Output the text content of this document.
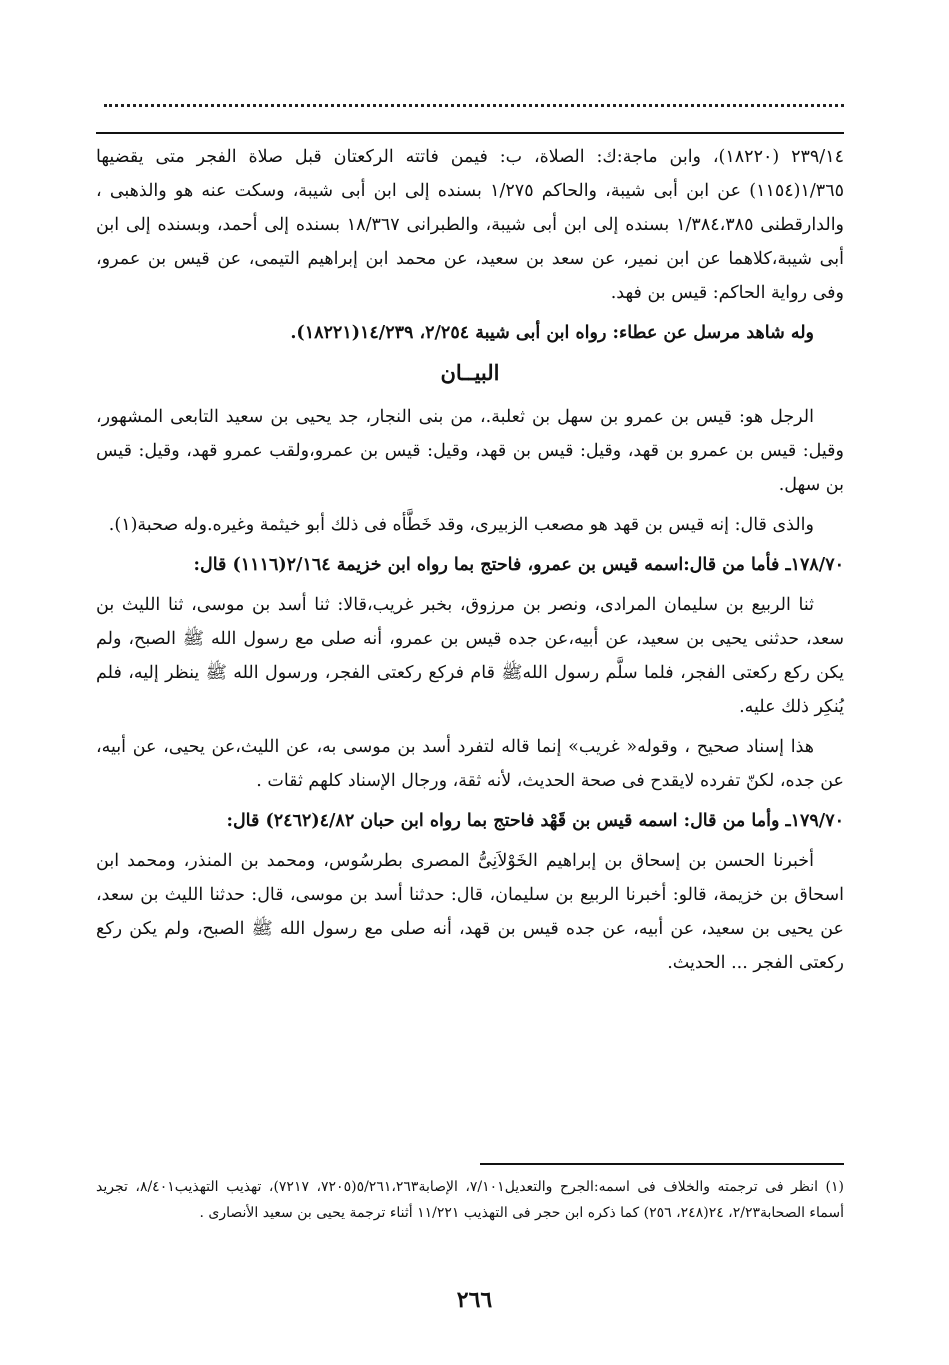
٢٣٩/١٤ (١٨٢٢٠)، وابن ماجة:ك: الصلاة، ب: فيمن فاتته الركعتان قبل صلاة الفجر متى يقضيها ١/٣٦٥(١١٥٤) عن ابن أبى شيبة، والحاكم ١/٢٧٥ بسنده إلى ابن أبى شيبة، وسكت عنه هو والذهبى ، والدارقطنى ١/٣٨٤،٣٨٥ بسنده إلى ابن أبى شيبة، والطبرانى ١٨/٣٦٧ بسنده إلى أحمد، وبسنده إلى ابن أبى شيبة،كلاهما عن ابن نمير، عن سعد بن سعيد، عن محمد ابن إبراهيم التيمى، عن قيس بن عمرو، وفى رواية الحاكم: قيس بن فهد.

وله شاهد مرسل عن عطاء: رواه ابن أبى شيبة ٢/٢٥٤، ١٤/٢٣٩(١٨٢٢١).

البيــان

الرجل هو: قيس بن عمرو بن سهل بن ثعلبة.، من بنى النجار، جد يحيى بن سعيد التابعى المشهور، وقيل: قيس بن عمرو بن قهد، وقيل: قيس بن قهد، وقيل: قيس بن عمرو،ولقب عمرو قهد، وقيل: قيس بن سهل.

والذى قال: إنه قيس بن قهد هو مصعب الزبيرى، وقد خَطَّأه فى ذلك أبو خيثمة وغيره.وله صحبة(١).

١٧٨/٧٠ـ فأما من قال:اسمه قيس بن عمرو، فاحتج بما رواه ابن خزيمة ٢/١٦٤(١١١٦) قال:

ثنا الربيع بن سليمان المرادى، ونصر بن مرزوق، بخبر غريب،قالا: ثنا أسد بن موسى، ثنا الليث بن سعد، حدثنى يحيى بن سعيد، عن أبيه،عن جده قيس بن عمرو، أنه صلى مع رسول الله ﷺ الصبح، ولم يكن ركع ركعتى الفجر، فلما سلَّم رسول اللهﷺ قام فركع ركعتى الفجر، ورسول الله ﷺ ينظر إليه، فلم يُنكِر ذلك عليه.

هذا إسناد صحيح ، وقوله« غريب» إنما قاله لتفرد أسد بن موسى به، عن الليث،عن يحيى، عن أبيه، عن جده، لكنّ تفرده لايقدح فى صحة الحديث، لأنه ثقة، ورجال الإسناد كلهم ثقات .

١٧٩/٧٠ـ وأما من قال: اسمه قيس بن قَهْد فاحتج بما رواه ابن حبان ٤/٨٢(٢٤٦٢) قال:

أخبرنا الحسن بن إسحاق بن إبراهيم الخَوْلاَنِىُّ المصرى بطرسُوس، ومحمد بن المنذر، ومحمد ابن اسحاق بن خزيمة، قالو: أخبرنا الربيع بن سليمان، قال: حدثنا أسد بن موسى، قال: حدثنا الليث بن سعد، عن يحيى بن سعيد، عن أبيه، عن جده قيس بن قهد، أنه صلى مع رسول الله ﷺ الصبح، ولم يكن ركع ركعتى الفجر ... الحديث.

(١) انظر فى ترجمته والخلاف فى اسمه:الجرح والتعديل٧/١٠١، الإصابة٥/٢٦١،٢٦٣(٧٢٠٥، ٧٢١٧)، تهذيب التهذيب٨/٤٠١، تجريد أسماء الصحابة٢/٢٣، ٢٤(٢٤٨، ٢٥٦) كما ذكره ابن حجر فى التهذيب ١١/٢٢١ أثناء ترجمة يحيى بن سعيد الأنصارى .

٢٦٦
